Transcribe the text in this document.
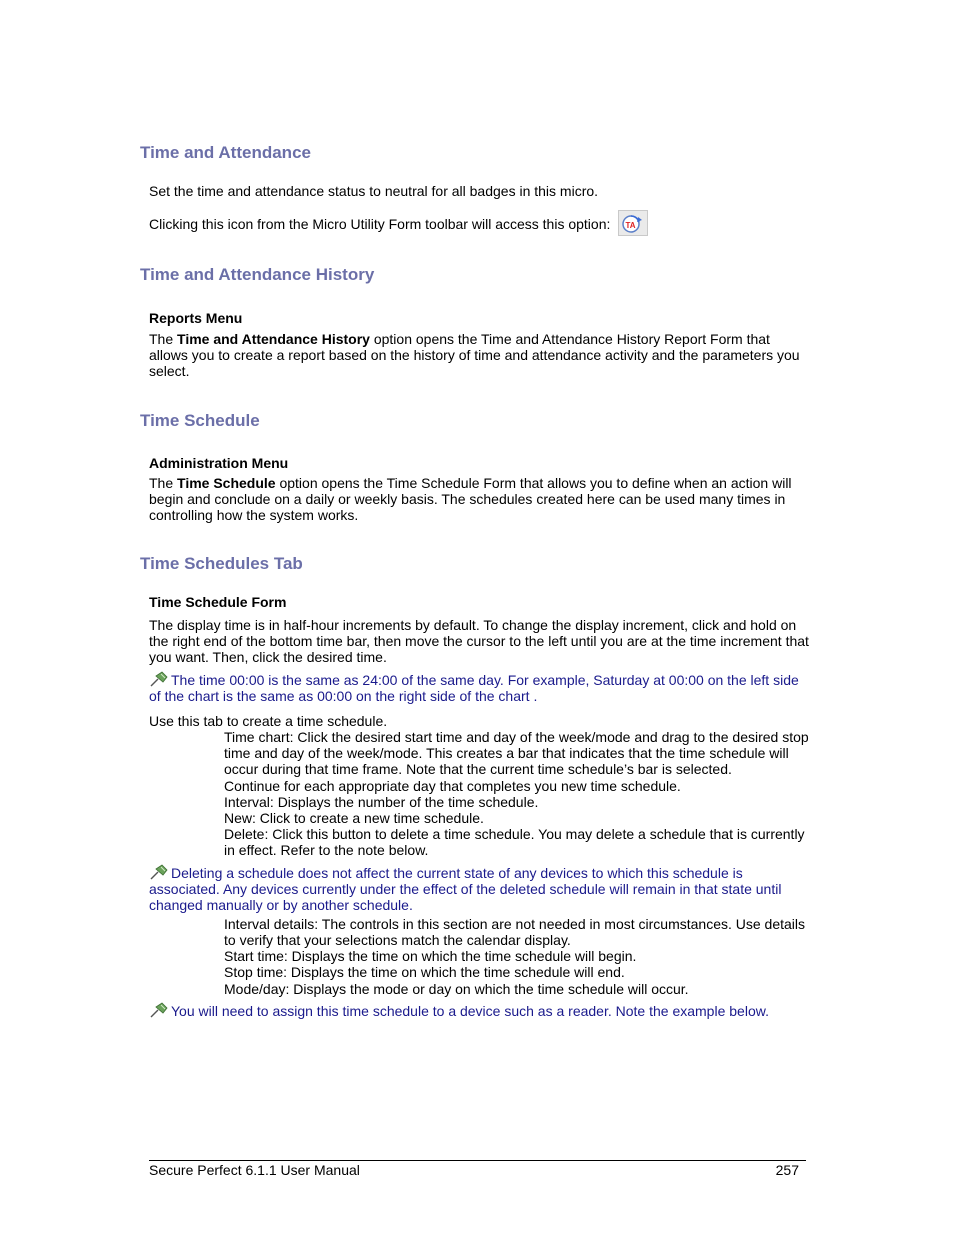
Time and Attendance

Set the time and attendance status to neutral for all badges in this micro.

Clicking this icon from the Micro Utility Form toolbar will access this option: TA

Time and Attendance History

Reports Menu

The Time and Attendance History option opens the Time and Attendance History Report Form that allows you to create a report based on the history of time and attendance activity and the parameters you select.

Time Schedule

Administration Menu

The Time Schedule option opens the Time Schedule Form that allows you to define when an action will begin and conclude on a daily or weekly basis. The schedules created here can be used many times in controlling how the system works.

Time Schedules Tab

Time Schedule Form

The display time is in half-hour increments by default. To change the display increment, click and hold on the right end of the bottom time bar, then move the cursor to the left until you are at the time increment that you want. Then, click the desired time.

The time 00:00 is the same as 24:00 of the same day. For example, Saturday at 00:00 on the left side of the chart is the same as 00:00 on the right side of the chart .

Use this tab to create a time schedule.

Time chart: Click the desired start time and day of the week/mode and drag to the desired stop time and day of the week/mode. This creates a bar that indicates that the time schedule will occur during that time frame. Note that the current time schedule’s bar is selected.

Continue for each appropriate day that completes you new time schedule.

Interval: Displays the number of the time schedule.

New: Click to create a new time schedule.

Delete: Click this button to delete a time schedule. You may delete a schedule that is currently in effect. Refer to the note below.

Deleting a schedule does not affect the current state of any devices to which this schedule is associated. Any devices currently under the effect of the deleted schedule will remain in that state until changed manually or by another schedule.

Interval details: The controls in this section are not needed in most circumstances. Use details to verify that your selections match the calendar display.

Start time: Displays the time on which the time schedule will begin.

Stop time: Displays the time on which the time schedule will end.

Mode/day: Displays the mode or day on which the time schedule will occur.

You will need to assign this time schedule to a device such as a reader. Note the example below.

Secure Perfect 6.1.1 User Manual	257
